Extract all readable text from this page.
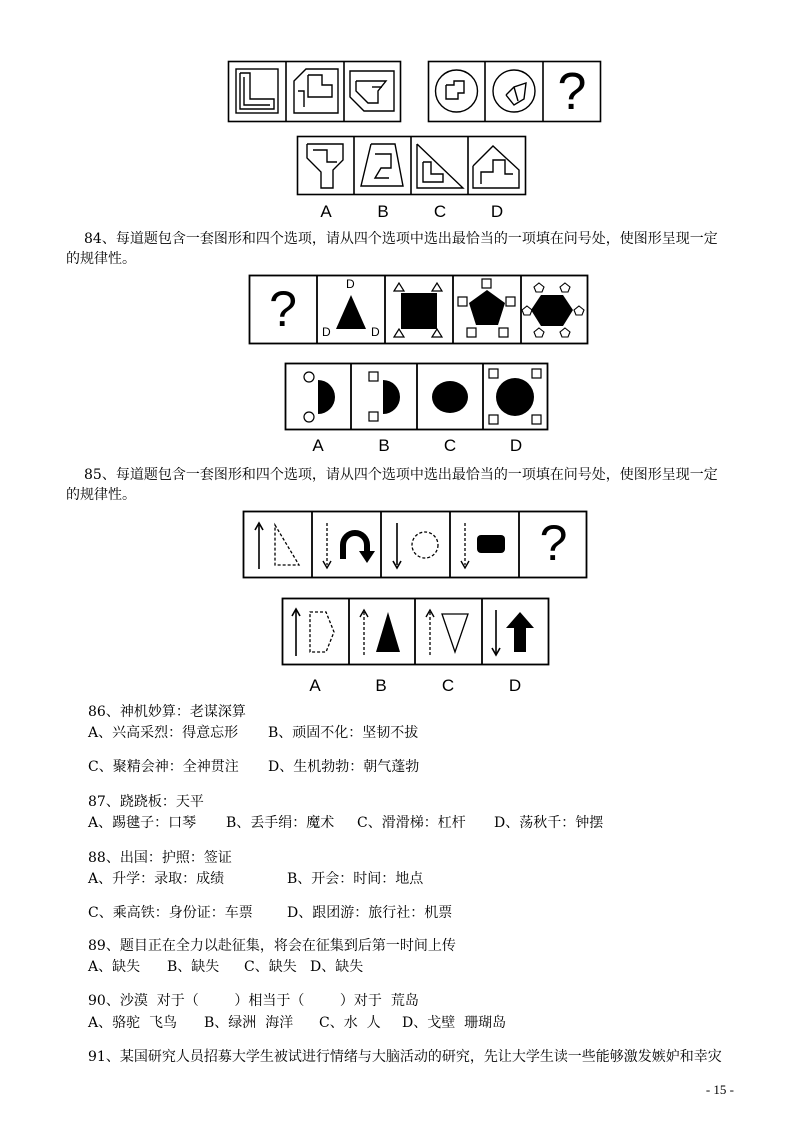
?
A	B	C	D
84、每道题包含一套图形和四个选项，请从四个选项中选出最恰当的一项填在问号处，使图形呈现一定
的规律性。
?	D
D	D
A	B	C	D
85、每道题包含一套图形和四个选项，请从四个选项中选出最恰当的一项填在问号处，使图形呈现一定
的规律性。
?
A	B	C	D
86、神机妙算：老谋深算
A、兴高采烈：得意忘形 B、顽固不化：坚韧不拔
C、聚精会神：全神贯注 D、生机勃勃：朝气蓬勃
87、跷跷板：天平
A、踢毽子：口琴 B、丢手绢：魔术 C、滑滑梯：杠杆 D、荡秋千：钟摆
88、出国：护照：签证
A、升学：录取：成绩	B、开会：时间：地点
C、乘高铁：身份证：车票 D、跟团游：旅行社：机票
89、题目正在全力以赴征集，将会在征集到后第一时间上传
A、缺失 B、缺失 C、缺失 D、缺失
90、沙漠  对于（        ）相当于（        ）对于  荒岛
A、骆驼  飞鸟 B、绿洲  海洋 C、水  人 D、戈壁  珊瑚岛
91、某国研究人员招募大学生被试进行情绪与大脑活动的研究，先让大学生读一些能够激发嫉妒和幸灾
- 15 -
